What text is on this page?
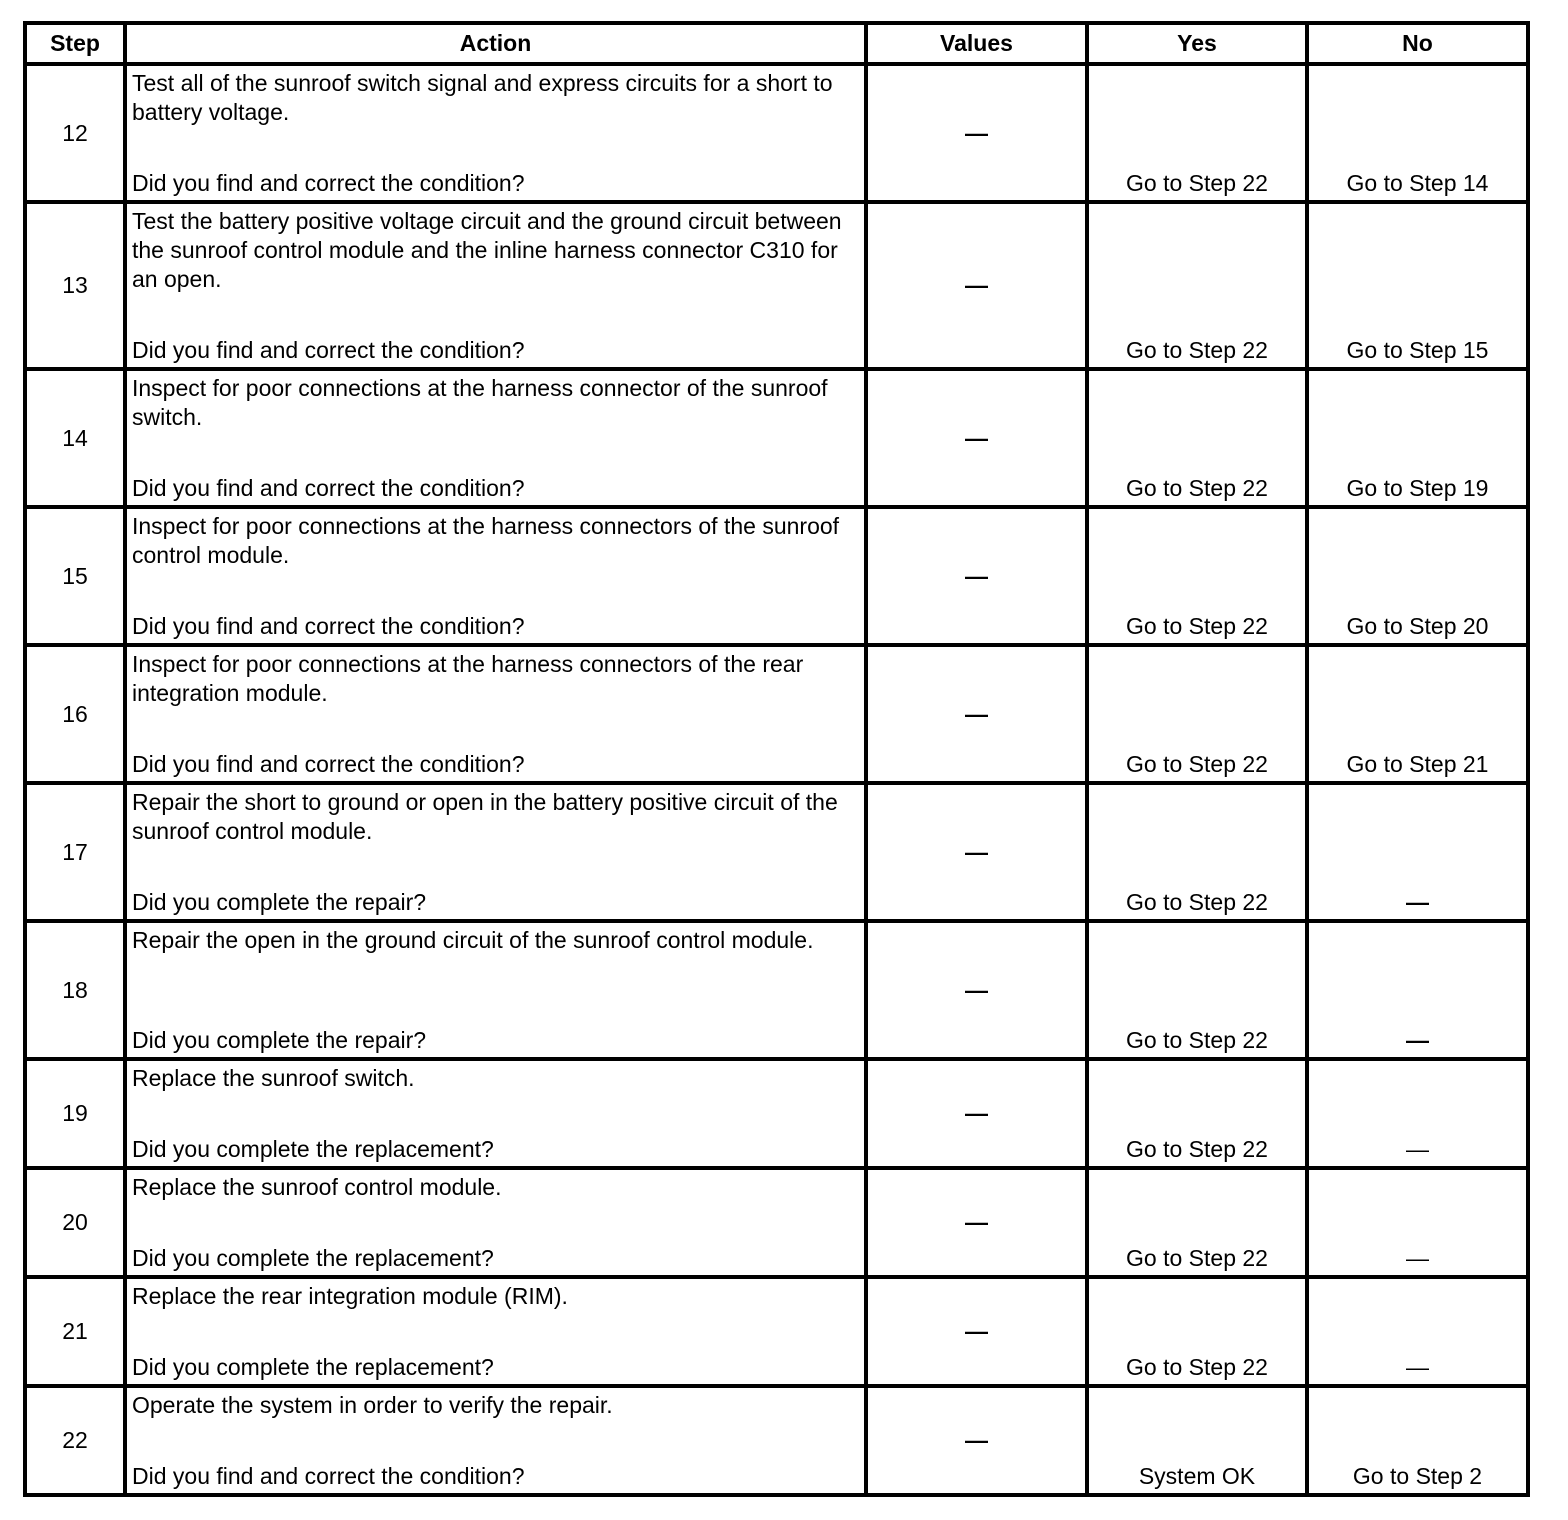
Step	Action	Values	Yes	No
12	Test all of the sunroof switch signal and express circuits for a short to battery voltage.
Did you find and correct the condition?	—	Go to Step 22	Go to Step 14
13	Test the battery positive voltage circuit and the ground circuit between the sunroof control module and the inline harness connector C310 for an open.
Did you find and correct the condition?	—	Go to Step 22	Go to Step 15
14	Inspect for poor connections at the harness connector of the sunroof switch.
Did you find and correct the condition?	—	Go to Step 22	Go to Step 19
15	Inspect for poor connections at the harness connectors of the sunroof control module.
Did you find and correct the condition?	—	Go to Step 22	Go to Step 20
16	Inspect for poor connections at the harness connectors of the rear integration module.
Did you find and correct the condition?	—	Go to Step 22	Go to Step 21
17	Repair the short to ground or open in the battery positive circuit of the sunroof control module.
Did you complete the repair?	—	Go to Step 22	—
18	Repair the open in the ground circuit of the sunroof control module.
Did you complete the repair?	—	Go to Step 22	—
19	Replace the sunroof switch.
Did you complete the replacement?	—	Go to Step 22	—
20	Replace the sunroof control module.
Did you complete the replacement?	—	Go to Step 22	—
21	Replace the rear integration module (RIM).
Did you complete the replacement?	—	Go to Step 22	—
22	Operate the system in order to verify the repair.
Did you find and correct the condition?	—	System OK	Go to Step 2
